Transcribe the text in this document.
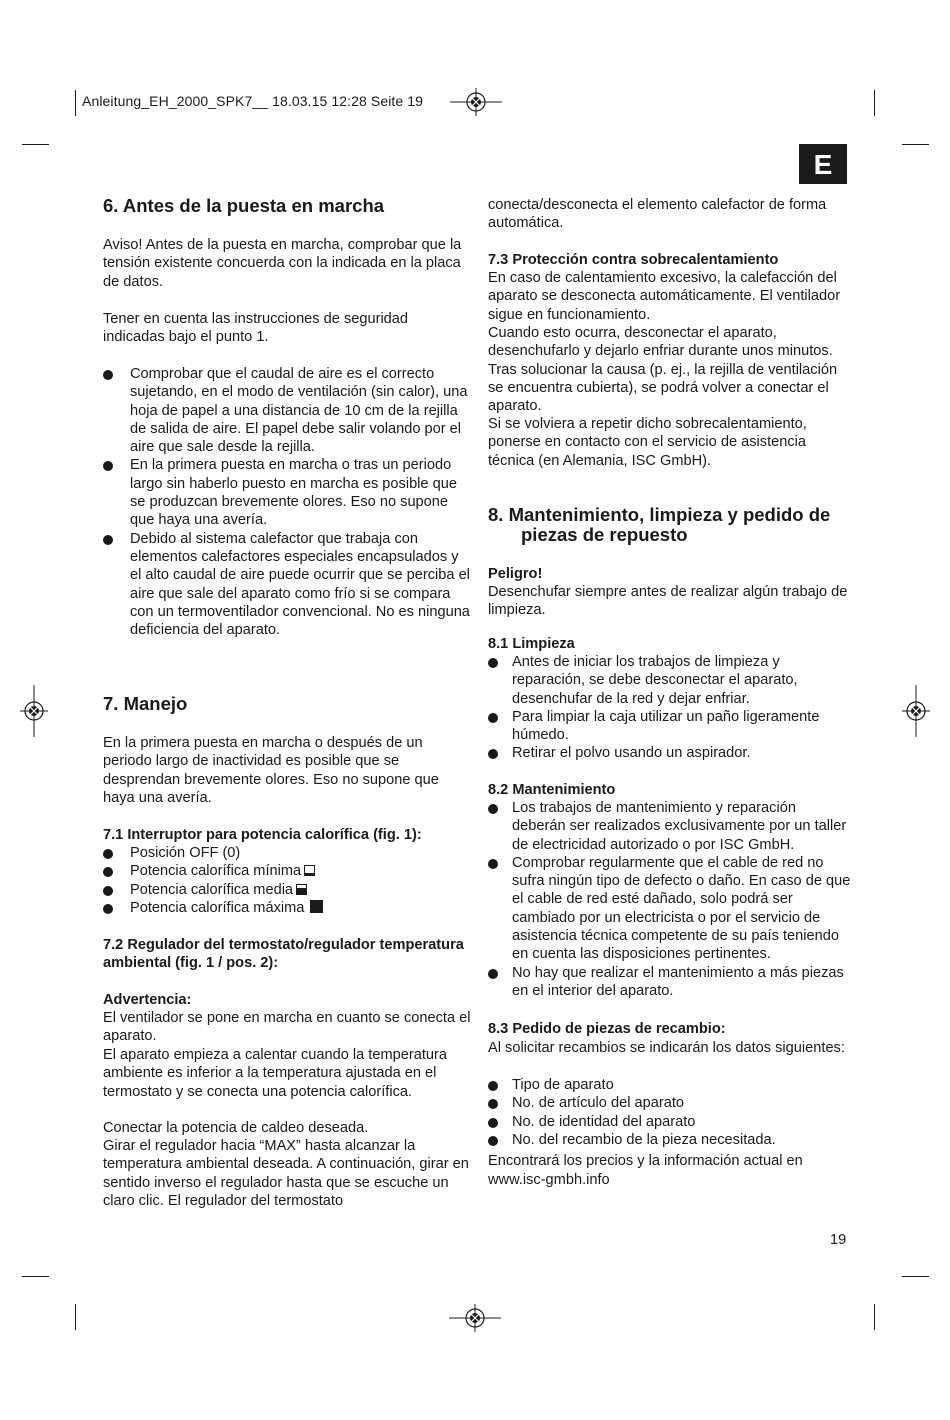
Anleitung_EH_2000_SPK7__ 18.03.15 12:28 Seite 19
E
6. Antes de la puesta en marcha

Aviso! Antes de la puesta en marcha, comprobar que la tensión existente concuerda con la indicada en la placa de datos.

Tener en cuenta las instrucciones de seguridad indicadas bajo el punto 1.

Comprobar que el caudal de aire es el correcto sujetando, en el modo de ventilación (sin calor), una hoja de papel a una distancia de 10 cm de la rejilla de salida de aire. El papel debe salir volando por el aire que sale desde la rejilla.
En la primera puesta en marcha o tras un periodo largo sin haberlo puesto en marcha es posible que se produzcan brevemente olores. Eso no supone que haya una avería.
Debido al sistema calefactor que trabaja con elementos calefactores especiales encapsulados y el alto caudal de aire puede ocurrir que se perciba el aire que sale del aparato como frío si se compara con un termoventilador convencional. No es ninguna deficiencia del aparato.
7. Manejo

En la primera puesta en marcha o después de un periodo largo de inactividad es posible que se desprendan brevemente olores. Eso no supone que haya una avería.

7.1 Interruptor para potencia calorífica (fig. 1):
Posición OFF (0)
Potencia calorífica mínima
Potencia calorífica media
Potencia calorífica máxima
7.2 Regulador del termostato/regulador temperatura ambiental (fig. 1 / pos. 2):
Advertencia:

El ventilador se pone en marcha en cuanto se conecta el aparato.

El aparato empieza a calentar cuando la temperatura ambiente es inferior a la temperatura ajustada en el termostato y se conecta una potencia calorífica.

Conectar la potencia de caldeo deseada.

Girar el regulador hacia “MAX” hasta alcanzar la temperatura ambiental deseada. A continuación, girar en sentido inverso el regulador hasta que se escuche un claro clic. El regulador del termostato

conecta/desconecta el elemento calefactor de forma automática.

7.3 Protección contra sobrecalentamiento

En caso de calentamiento excesivo, la calefacción del aparato se desconecta automáticamente. El ventilador sigue en funcionamiento.

Cuando esto ocurra, desconectar el aparato, desenchufarlo y dejarlo enfriar durante unos minutos. Tras solucionar la causa (p. ej., la rejilla de ventilación se encuentra cubierta), se podrá volver a conectar el aparato.

Si se volviera a repetir dicho sobrecalentamiento, ponerse en contacto con el servicio de asistencia técnica (en Alemania, ISC GmbH).

8. Mantenimiento, limpieza y pedido de

piezas de repuesto

Peligro!

Desenchufar siempre antes de realizar algún trabajo de limpieza.

8.1 Limpieza
Antes de iniciar los trabajos de limpieza y reparación, se debe desconectar el aparato, desenchufar de la red y dejar enfriar.
Para limpiar la caja utilizar un paño ligeramente húmedo.
Retirar el polvo usando un aspirador.
8.2 Mantenimiento
Los trabajos de mantenimiento y reparación deberán ser realizados exclusivamente por un taller de electricidad autorizado o por ISC GmbH.
Comprobar regularmente que el cable de red no sufra ningún tipo de defecto o daño. En caso de que el cable de red esté dañado, solo podrá ser cambiado por un electricista o por el servicio de asistencia técnica competente de su país teniendo en cuenta las disposiciones pertinentes.
No hay que realizar el mantenimiento a más piezas en el interior del aparato.
8.3 Pedido de piezas de recambio:

Al solicitar recambios se indicarán los datos siguientes:

Tipo de aparato
No. de artículo del aparato
No. de identidad del aparato
No. del recambio de la pieza necesitada.

Encontrará los precios y la información actual en

www.isc-gmbh.info

19
